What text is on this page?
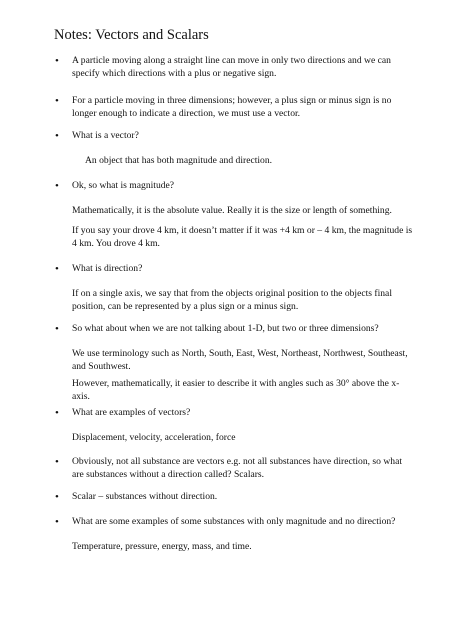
Notes: Vectors and Scalars
• A particle moving along a straight line can move in only two directions and we can specify which directions with a plus or negative sign.
• For a particle moving in three dimensions; however, a plus sign or minus sign is no longer enough to indicate a direction, we must use a vector.
• What is a vector?
An object that has both magnitude and direction.
• Ok, so what is magnitude?
Mathematically, it is the absolute value. Really it is the size or length of something.
If you say your drove 4 km, it doesn’t matter if it was +4 km or – 4 km, the magnitude is 4 km. You drove 4 km.
• What is direction?
If on a single axis, we say that from the objects original position to the objects final position, can be represented by a plus sign or a minus sign.
• So what about when we are not talking about 1-D, but two or three dimensions?
We use terminology such as North, South, East, West, Northeast, Northwest, Southeast, and Southwest.
However, mathematically, it easier to describe it with angles such as 30° above the x-axis.
• What are examples of vectors?
Displacement, velocity, acceleration, force
• Obviously, not all substance are vectors e.g. not all substances have direction, so what are substances without a direction called? Scalars.
• Scalar – substances without direction.
• What are some examples of some substances with only magnitude and no direction?
Temperature, pressure, energy, mass, and time.
